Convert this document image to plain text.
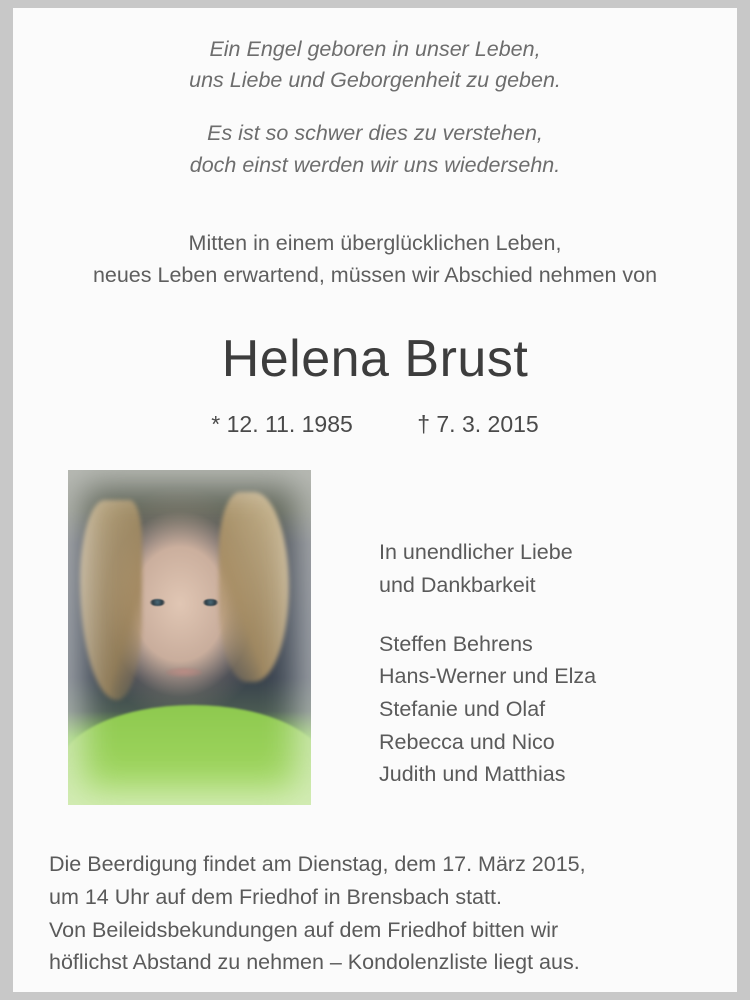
Ein Engel geboren in unser Leben,
uns Liebe und Geborgenheit zu geben.
Es ist so schwer dies zu verstehen,
doch einst werden wir uns wiedersehn.
Mitten in einem überglücklichen Leben,
neues Leben erwartend, müssen wir Abschied nehmen von
Helena Brust
* 12. 11. 1985	† 7. 3. 2015
In unendlicher Liebe
und Dankbarkeit
Steffen Behrens
Hans-Werner und Elza
Stefanie und Olaf
Rebecca und Nico
Judith und Matthias
Die Beerdigung findet am Dienstag, dem 17. März 2015,
um 14 Uhr auf dem Friedhof in Brensbach statt.
Von Beileidsbekundungen auf dem Friedhof bitten wir
höflichst Abstand zu nehmen – Kondolenzliste liegt aus.
